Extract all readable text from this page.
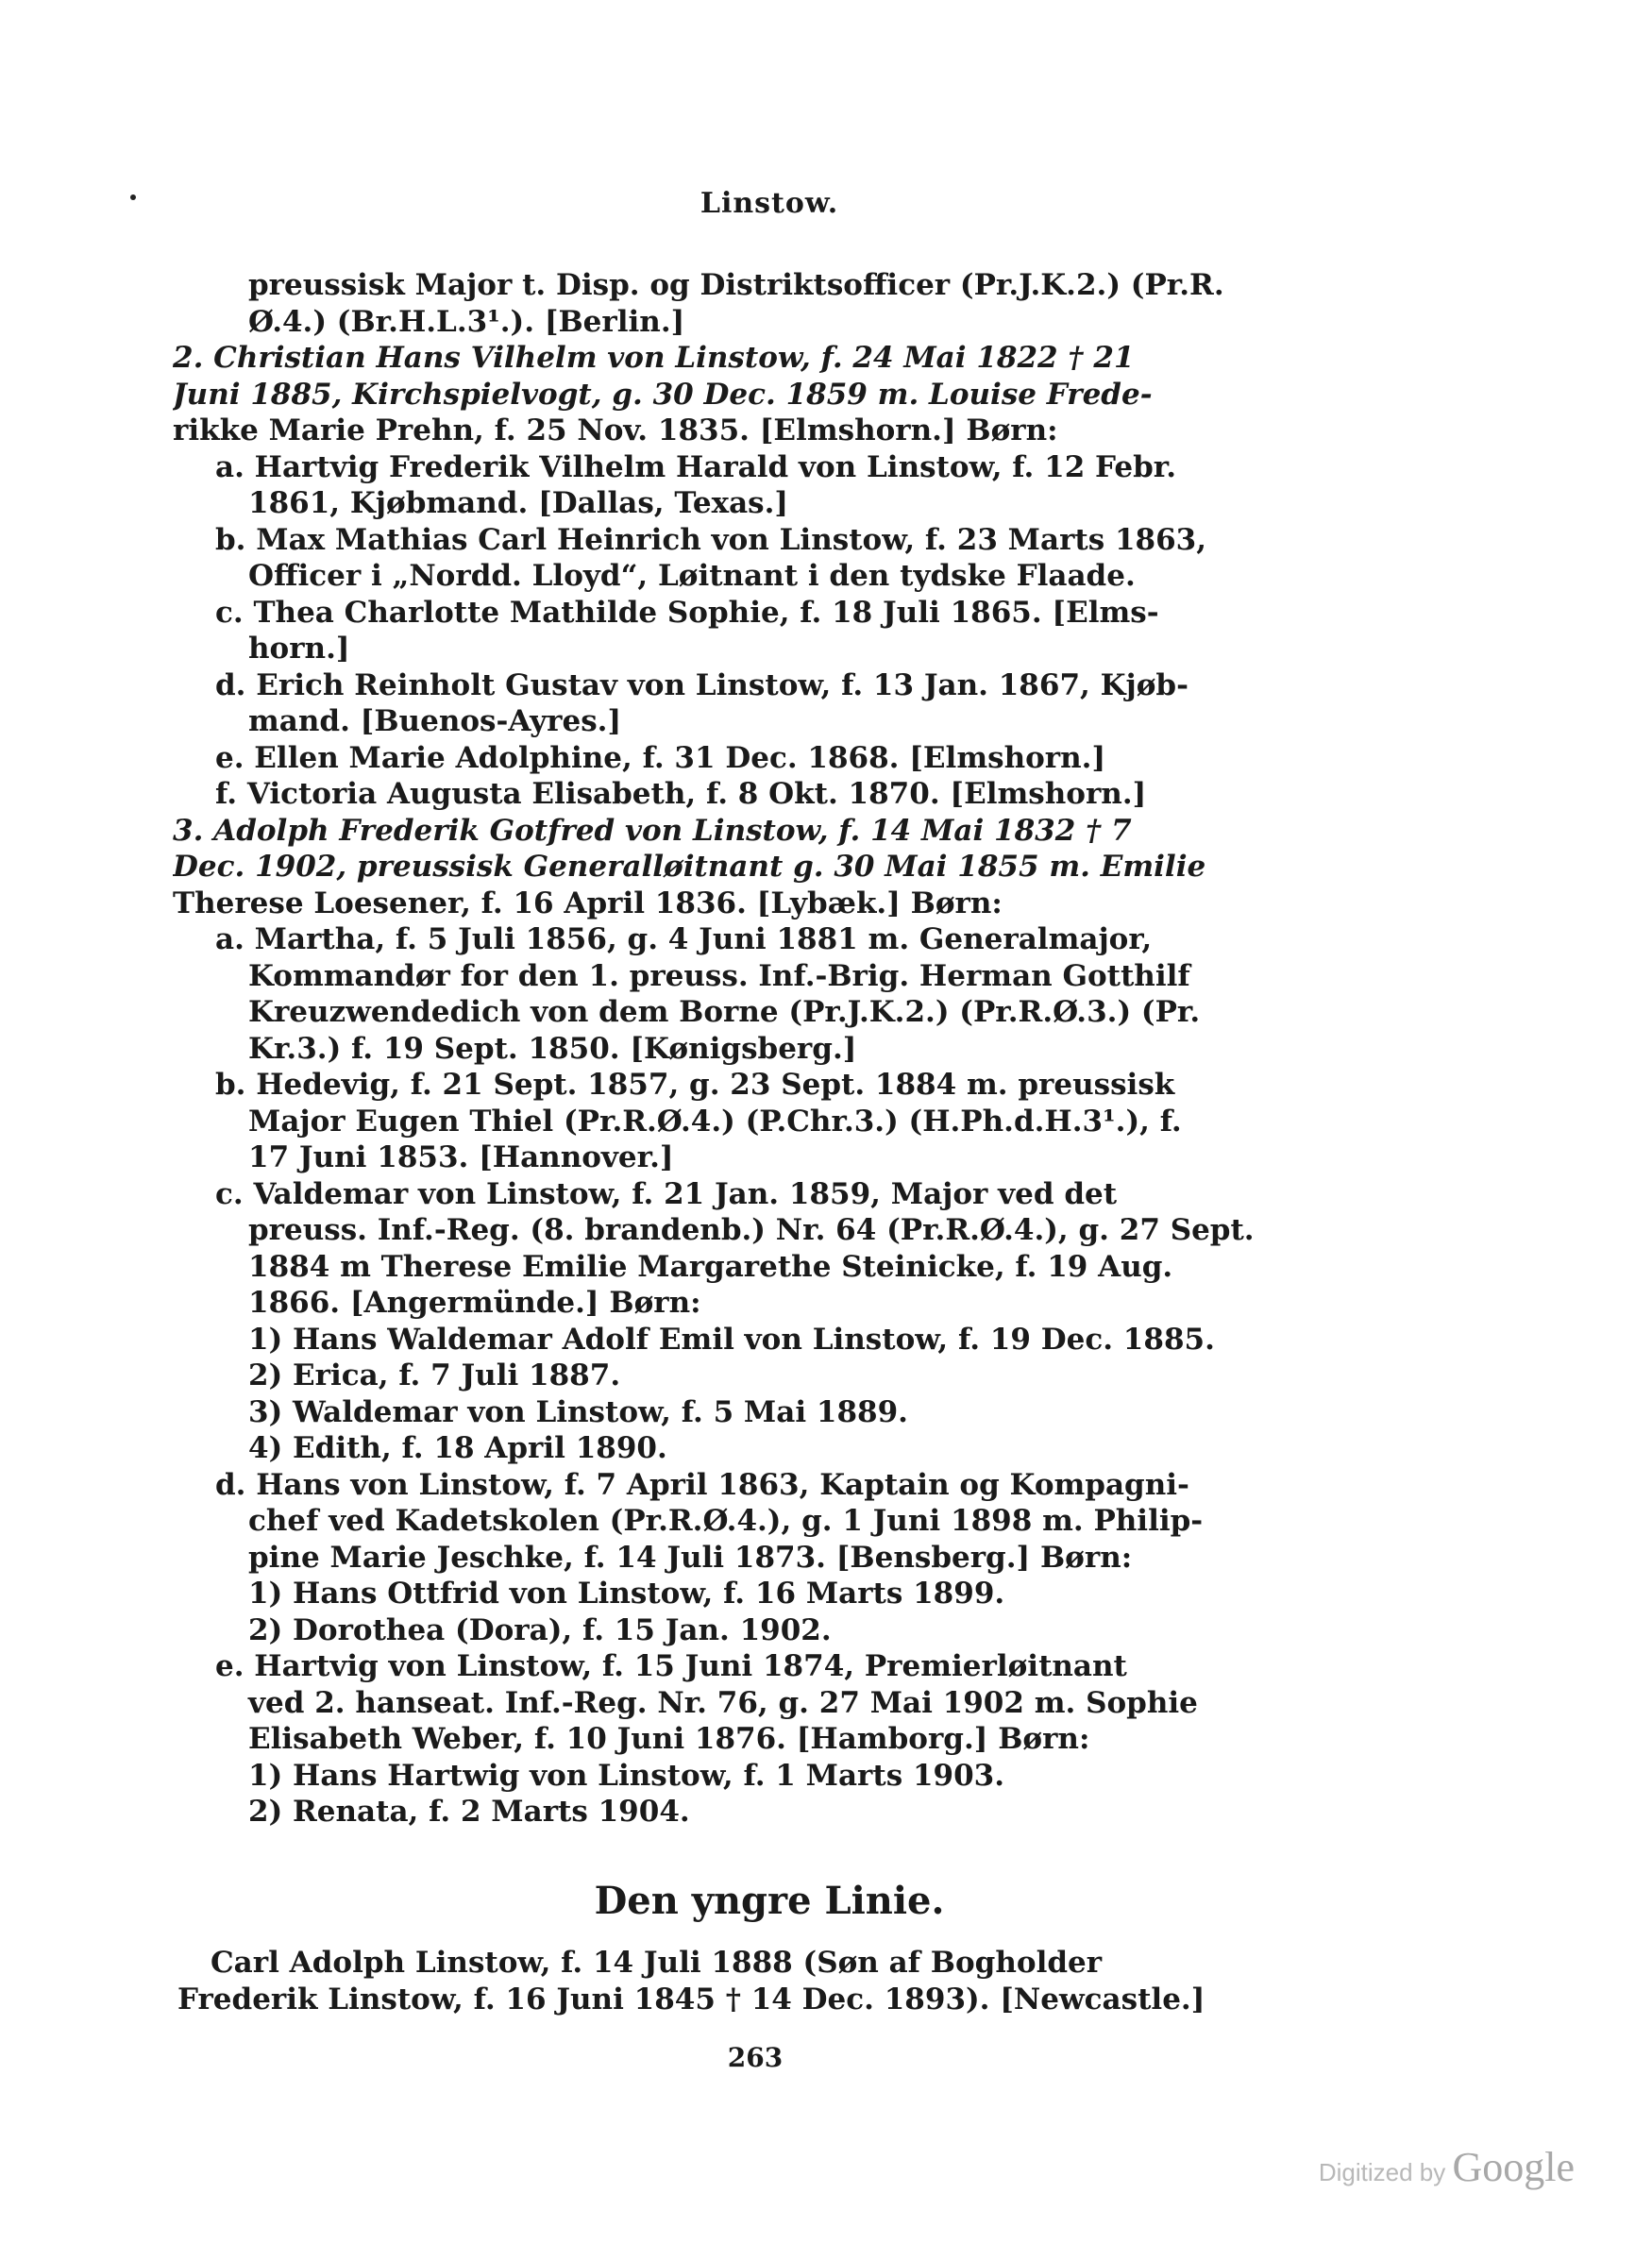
Linstow.
preussisk Major t. Disp. og Distriktsofficer (Pr.J.K.2.) (Pr.R.
Ø.4.) (Br.H.L.3¹.). [Berlin.]
2. Christian Hans Vilhelm von Linstow, f. 24 Mai 1822 † 21
Juni 1885, Kirchspielvogt, g. 30 Dec. 1859 m. Louise Frede-
rikke Marie Prehn, f. 25 Nov. 1835. [Elmshorn.] Børn:
a. Hartvig Frederik Vilhelm Harald von Linstow, f. 12 Febr.
1861, Kjøbmand. [Dallas, Texas.]
b. Max Mathias Carl Heinrich von Linstow, f. 23 Marts 1863,
Officer i „Nordd. Lloyd“, Løitnant i den tydske Flaade.
c. Thea Charlotte Mathilde Sophie, f. 18 Juli 1865. [Elms-
horn.]
d. Erich Reinholt Gustav von Linstow, f. 13 Jan. 1867, Kjøb-
mand. [Buenos-Ayres.]
e. Ellen Marie Adolphine, f. 31 Dec. 1868. [Elmshorn.]
f. Victoria Augusta Elisabeth, f. 8 Okt. 1870. [Elmshorn.]
3. Adolph Frederik Gotfred von Linstow, f. 14 Mai 1832 † 7
Dec. 1902, preussisk Generalløitnant g. 30 Mai 1855 m. Emilie
Therese Loesener, f. 16 April 1836. [Lybæk.] Børn:
a. Martha, f. 5 Juli 1856, g. 4 Juni 1881 m. Generalmajor,
Kommandør for den 1. preuss. Inf.-Brig. Herman Gotthilf
Kreuzwendedich von dem Borne (Pr.J.K.2.) (Pr.R.Ø.3.) (Pr.
Kr.3.) f. 19 Sept. 1850. [Kønigsberg.]
b. Hedevig, f. 21 Sept. 1857, g. 23 Sept. 1884 m. preussisk
Major Eugen Thiel (Pr.R.Ø.4.) (P.Chr.3.) (H.Ph.d.H.3¹.), f.
17 Juni 1853. [Hannover.]
c. Valdemar von Linstow, f. 21 Jan. 1859, Major ved det
preuss. Inf.-Reg. (8. brandenb.) Nr. 64 (Pr.R.Ø.4.), g. 27 Sept.
1884 m Therese Emilie Margarethe Steinicke, f. 19 Aug.
1866. [Angermünde.] Børn:
1) Hans Waldemar Adolf Emil von Linstow, f. 19 Dec. 1885.
2) Erica, f. 7 Juli 1887.
3) Waldemar von Linstow, f. 5 Mai 1889.
4) Edith, f. 18 April 1890.
d. Hans von Linstow, f. 7 April 1863, Kaptain og Kompagni-
chef ved Kadetskolen (Pr.R.Ø.4.), g. 1 Juni 1898 m. Philip-
pine Marie Jeschke, f. 14 Juli 1873. [Bensberg.] Børn:
1) Hans Ottfrid von Linstow, f. 16 Marts 1899.
2) Dorothea (Dora), f. 15 Jan. 1902.
e. Hartvig von Linstow, f. 15 Juni 1874, Premierløitnant
ved 2. hanseat. Inf.-Reg. Nr. 76, g. 27 Mai 1902 m. Sophie
Elisabeth Weber, f. 10 Juni 1876. [Hamborg.] Børn:
1) Hans Hartwig von Linstow, f. 1 Marts 1903.
2) Renata, f. 2 Marts 1904.
Den yngre Linie.
Carl Adolph Linstow, f. 14 Juli 1888 (Søn af Bogholder
Frederik Linstow, f. 16 Juni 1845 † 14 Dec. 1893). [Newcastle.]
263
Digitized by Google
